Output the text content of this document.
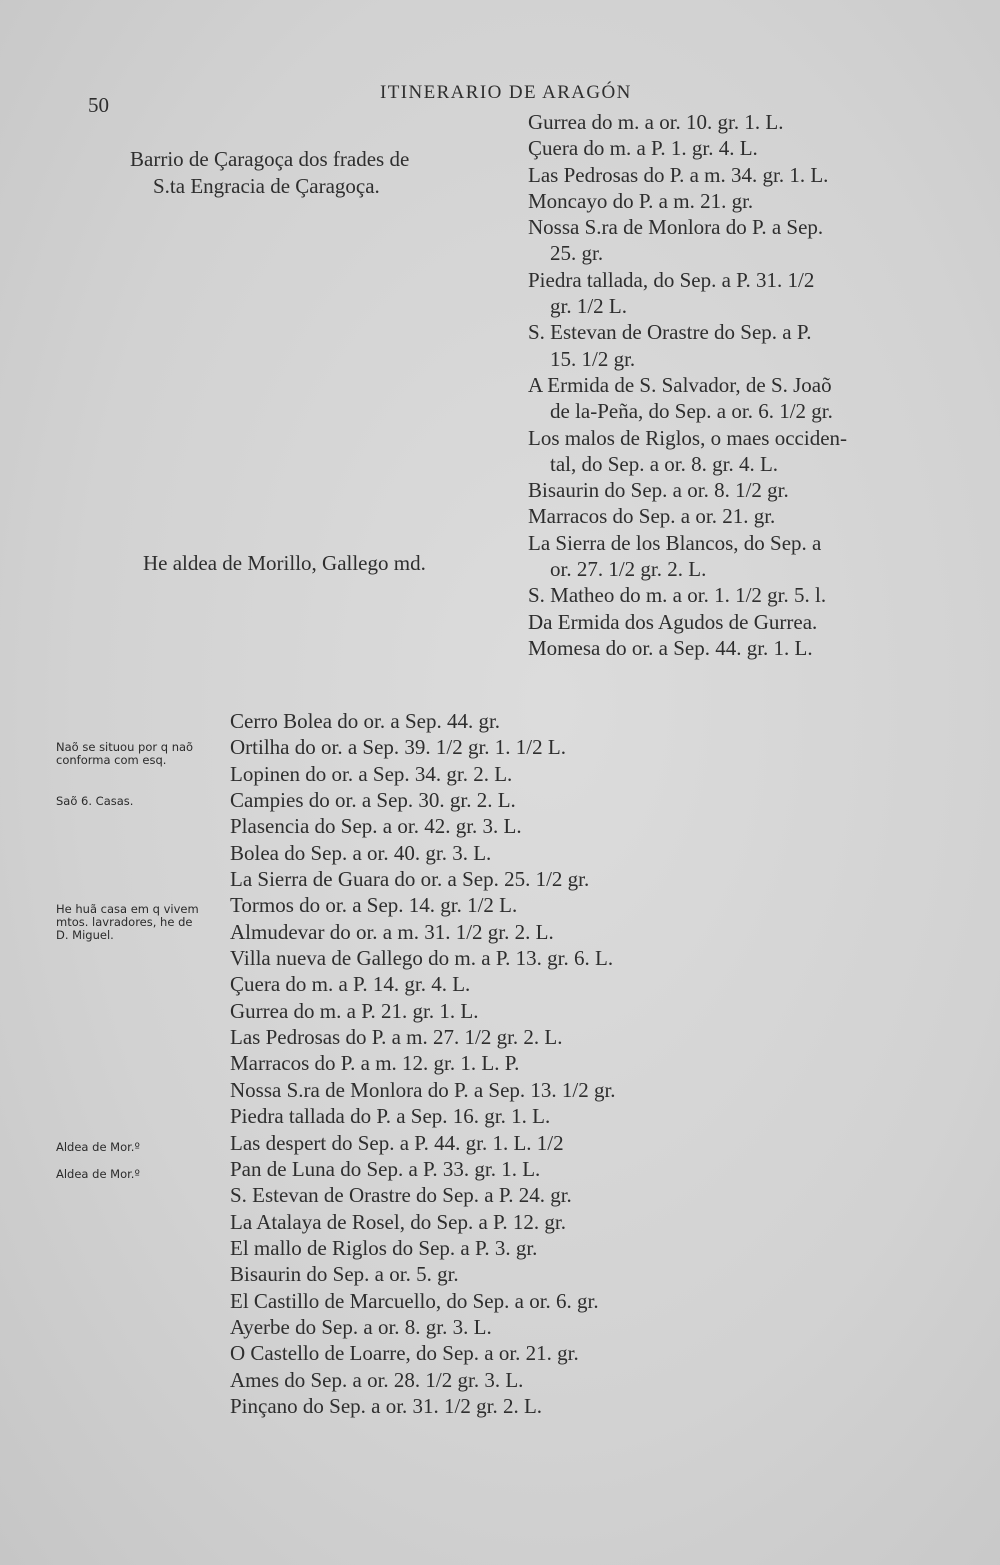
50
ITINERARIO DE ARAGÓN
Barrio de Çaragoça dos frades de
S.ta Engracia de Çaragoça.
He aldea de Morillo, Gallego md.
Gurrea do m. a or. 10. gr. 1. L.
Çuera do m. a P. 1. gr. 4. L.
Las Pedrosas do P. a m. 34. gr. 1. L.
Moncayo do P. a m. 21. gr.
Nossa S.ra de Monlora do P. a Sep.
25. gr.
Piedra tallada, do Sep. a P. 31. 1/2
gr. 1/2 L.
S. Estevan de Orastre do Sep. a P.
15. 1/2 gr.
A Ermida de S. Salvador, de S. Joaõ
de la-Peña, do Sep. a or. 6. 1/2 gr.
Los malos de Riglos, o maes occiden-
tal, do Sep. a or. 8. gr. 4. L.
Bisaurin do Sep. a or. 8. 1/2 gr.
Marracos do Sep. a or. 21. gr.
La Sierra de los Blancos, do Sep. a
or. 27. 1/2 gr. 2. L.
S. Matheo do m. a or. 1. 1/2 gr. 5. l.
Da Ermida dos Agudos de Gurrea.
Momesa do or. a Sep. 44. gr. 1. L.
Naõ se situou por q naõ conforma com esq.
Saõ 6. Casas.
He huã casa em q vivem mtos. lavradores, he de D. Miguel.
Aldea de Mor.º
Aldea de Mor.º
Cerro Bolea do or. a Sep. 44. gr.
Ortilha do or. a Sep. 39. 1/2 gr. 1. 1/2 L.
Lopinen do or. a Sep. 34. gr. 2. L.
Campies do or. a Sep. 30. gr. 2. L.
Plasencia do Sep. a or. 42. gr. 3. L.
Bolea do Sep. a or. 40. gr. 3. L.
La Sierra de Guara do or. a Sep. 25. 1/2 gr.
Tormos do or. a Sep. 14. gr. 1/2 L.
Almudevar do or. a m. 31. 1/2 gr. 2. L.
Villa nueva de Gallego do m. a P. 13. gr. 6. L.
Çuera do m. a P. 14. gr. 4. L.
Gurrea do m. a P. 21. gr. 1. L.
Las Pedrosas do P. a m. 27. 1/2 gr. 2. L.
Marracos do P. a m. 12. gr. 1. L. P.
Nossa S.ra de Monlora do P. a Sep. 13. 1/2 gr.
Piedra tallada do P. a Sep. 16. gr. 1. L.
Las despert do Sep. a P. 44. gr. 1. L. 1/2
Pan de Luna do Sep. a P. 33. gr. 1. L.
S. Estevan de Orastre do Sep. a P. 24. gr.
La Atalaya de Rosel, do Sep. a P. 12. gr.
El mallo de Riglos do Sep. a P. 3. gr.
Bisaurin do Sep. a or. 5. gr.
El Castillo de Marcuello, do Sep. a or. 6. gr.
Ayerbe do Sep. a or. 8. gr. 3. L.
O Castello de Loarre, do Sep. a or. 21. gr.
Ames do Sep. a or. 28. 1/2 gr. 3. L.
Pinçano do Sep. a or. 31. 1/2 gr. 2. L.
